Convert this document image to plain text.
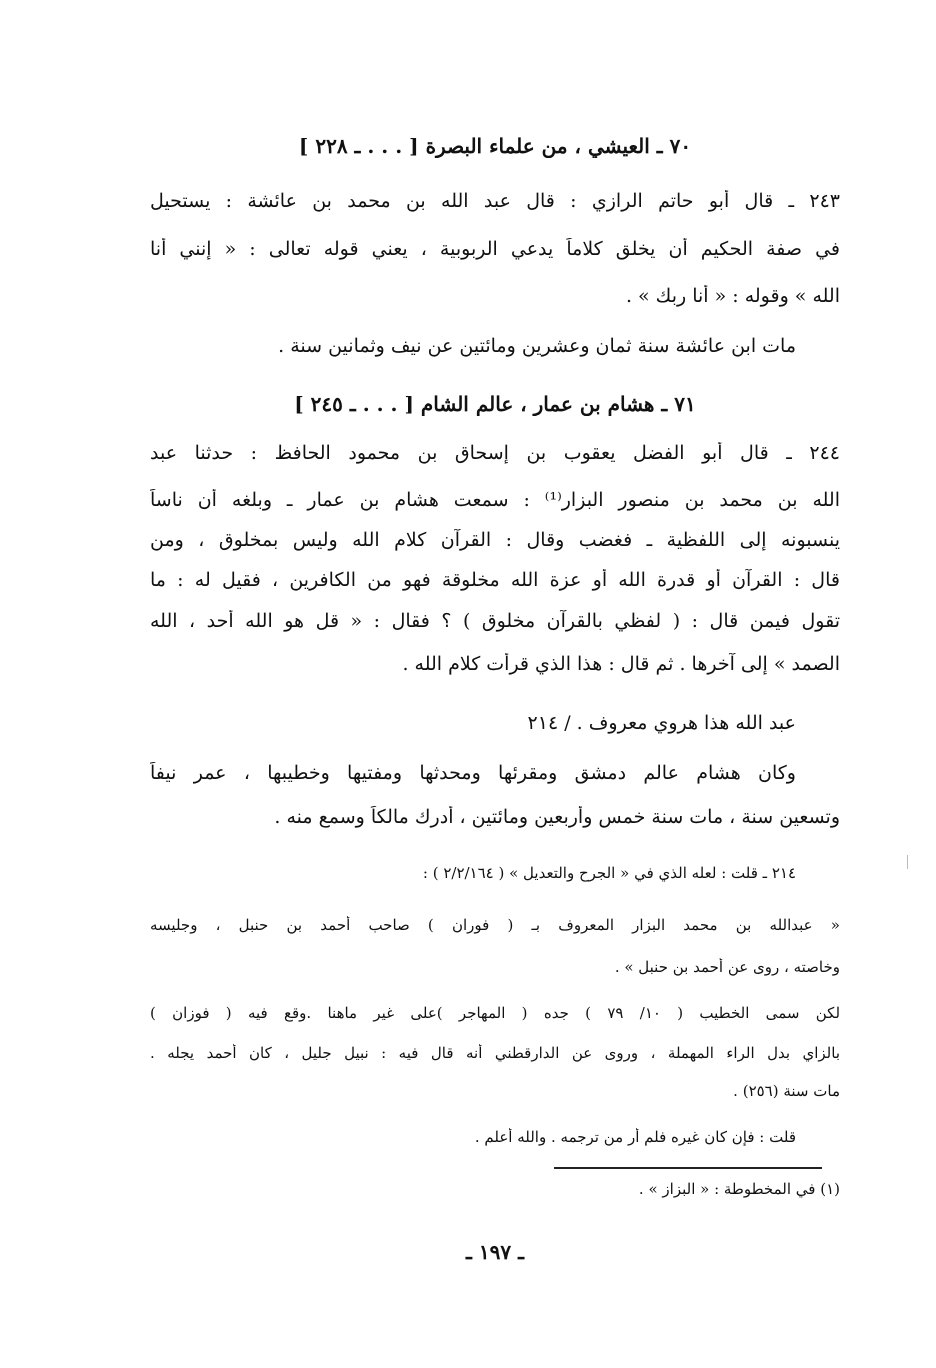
٧٠ ـ العيشي ، من علماء البصرة [ . . . ـ ٢٢٨ ]
٢٤٣ ـ قال أبو حاتم الرازي : قال عبد الله بن محمد بن عائشة : يستحيل
في صفة الحكيم أن يخلق كلاماً يدعي الربوبية ، يعني قوله تعالى : « إنني أنا
الله » وقوله : « أنا ربك » .
مات ابن عائشة سنة ثمان وعشرين ومائتين عن نيف وثمانين سنة .
٧١ ـ هشام بن عمار ، عالم الشام [ . . . ـ ٢٤٥ ]
٢٤٤ ـ قال أبو الفضل يعقوب بن إسحاق بن محمود الحافظ : حدثنا عبد
الله بن محمد بن منصور البزار⁽¹⁾ : سمعت هشام بن عمار ـ وبلغه أن ناساً
ينسبونه إلى اللفظية ـ فغضب وقال : القرآن كلام الله وليس بمخلوق ، ومن
قال : القرآن أو قدرة الله أو عزة الله مخلوقة فهو من الكافرين ، فقيل له : ما
تقول فيمن قال : ( لفظي بالقرآن مخلوق ) ؟ فقال : « قل هو الله أحد ، الله
الصمد » إلى آخرها . ثم قال : هذا الذي قرأت كلام الله .
عبد الله هذا هروي معروف . / ٢١٤
وكان هشام عالم دمشق ومقرئها ومحدثها ومفتيها وخطيبها ، عمر نيفاً
وتسعين سنة ، مات سنة خمس وأربعين ومائتين ، أدرك مالكاً وسمع منه .
٢١٤ ـ قلت : لعله الذي في « الجرح والتعديل » ( ٢/٢/١٦٤ ) :
« عبدالله بن محمد البزار المعروف بـ ( فوران ) صاحب أحمد بن حنبل ، وجليسه
وخاصته ، روى عن أحمد بن حنبل » .
لكن سمى الخطيب ( ١٠/ ٧٩ ) جده ( المهاجر )على غير ماهنا .وقع فيه ( فوزان )
بالزاي بدل الراء المهملة ، وروى عن الدارقطني أنه قال فيه : نبيل جليل ، كان أحمد يجله .
مات سنة (٢٥٦) .
قلت : فإن كان غيره فلم أر من ترجمه . والله أعلم .
(١) في المخطوطة : « البزاز » .
ـ ١٩٧ ـ
